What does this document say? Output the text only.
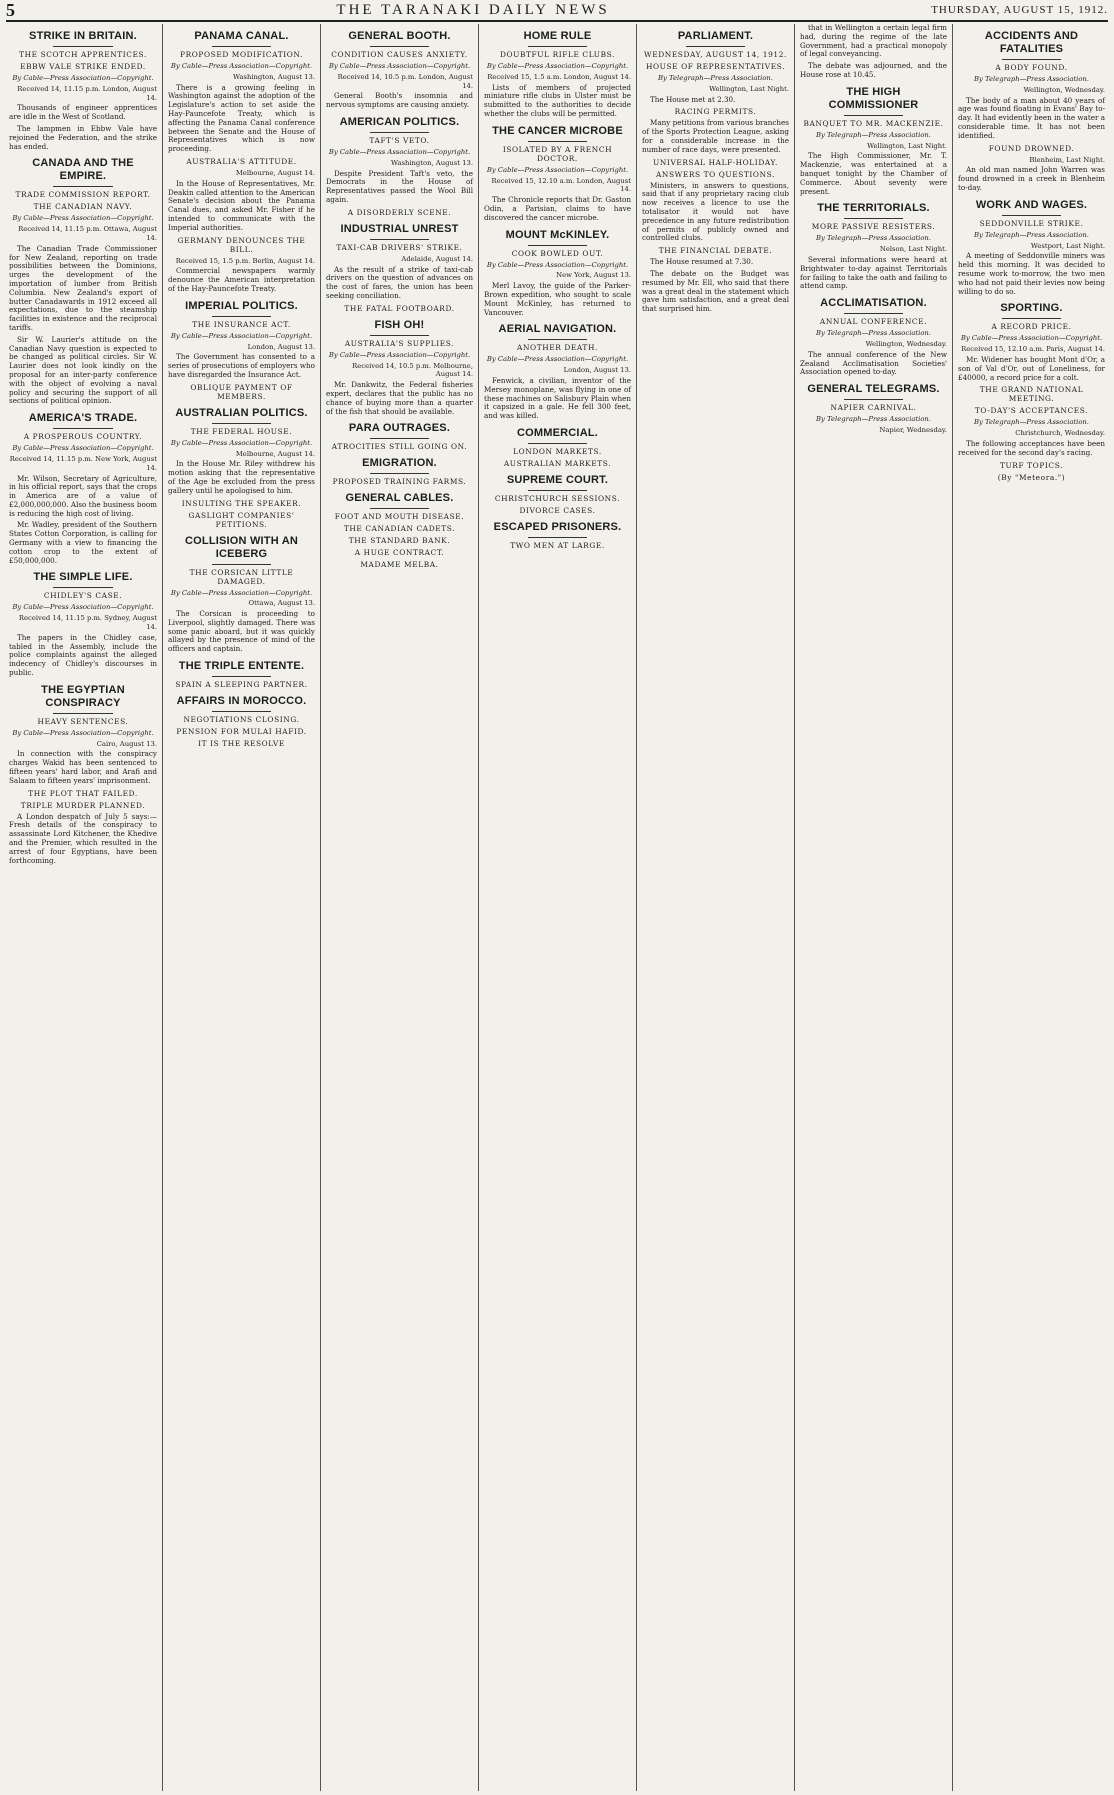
5	THE TARANAKI DAILY NEWS	THURSDAY, AUGUST 15, 1912.
STRIKE IN BRITAIN.
THE SCOTCH APPRENTICES.
EBBW VALE STRIKE ENDED.
By Cable—Press Association—Copyright.
Received 14, 11.15 p.m. London, August 14.

Thousands of engineer apprentices are idle in the West of Scotland.

The lampmen in Ebbw Vale have rejoined the Federation, and the strike has ended.

CANADA AND THE EMPIRE.
TRADE COMMISSION REPORT.
THE CANADIAN NAVY.
By Cable—Press Association—Copyright.
Received 14, 11.15 p.m. Ottawa, August 14.

The Canadian Trade Commissioner for New Zealand, reporting on trade possibilities between the Dominions, urges the development of the importation of lumber from British Columbia. New Zealand's export of butter Canadawards in 1912 exceed all expectations, due to the steamship facilities in existence and the reciprocal tariffs.

Sir W. Laurier's attitude on the Canadian Navy question is expected to be changed as political circles. Sir W. Laurier does not look kindly on the proposal for an inter-party conference with the object of evolving a naval policy and securing the support of all sections of political opinion.

AMERICA'S TRADE.
A PROSPEROUS COUNTRY.
By Cable—Press Association—Copyright.
Received 14, 11.15 p.m. New York, August 14.

Mr. Wilson, Secretary of Agriculture, in his official report, says that the crops in America are of a value of £2,000,000,000. Also the business boom is reducing the high cost of living.

Mr. Wadley, president of the Southern States Cotton Corporation, is calling for Germany with a view to financing the cotton crop to the extent of £50,000,000.

THE SIMPLE LIFE.
CHIDLEY'S CASE.
By Cable—Press Association—Copyright.
Received 14, 11.15 p.m. Sydney, August 14.

The papers in the Chidley case, tabled in the Assembly, include the police complaints against the alleged indecency of Chidley's discourses in public.

THE EGYPTIAN CONSPIRACY
HEAVY SENTENCES.
By Cable—Press Association—Copyright.
Cairo, August 13.

In connection with the conspiracy charges Wakid has been sentenced to fifteen years' hard labor, and Arafi and Salaam to fifteen years' imprisonment.

THE PLOT THAT FAILED.
TRIPLE MURDER PLANNED.

A London despatch of July 5 says:—Fresh details of the conspiracy to assassinate Lord Kitchener, the Khedive and the Premier, which resulted in the arrest of four Egyptians, have been forthcoming.

PANAMA CANAL.
PROPOSED MODIFICATION.
By Cable—Press Association—Copyright.
Washington, August 13.

There is a growing feeling in Washington against the adoption of the Legislature's action to set aside the Hay-Pauncefote Treaty, which is affecting the Panama Canal conference between the Senate and the House of Representatives which is now proceeding.

AUSTRALIA'S ATTITUDE.
Melbourne, August 14.

In the House of Representatives, Mr. Deakin called attention to the American Senate's decision about the Panama Canal dues, and asked Mr. Fisher if he intended to communicate with the Imperial authorities.

GERMANY DENOUNCES THE BILL.
Received 15, 1.5 p.m. Berlin, August 14.

Commercial newspapers warmly denounce the American interpretation of the Hay-Pauncefote Treaty.

IMPERIAL POLITICS.
THE INSURANCE ACT.
By Cable—Press Association—Copyright.
London, August 13.

The Government has consented to a series of prosecutions of employers who have disregarded the Insurance Act.

OBLIQUE PAYMENT OF MEMBERS.
AUSTRALIAN POLITICS.
THE FEDERAL HOUSE.
By Cable—Press Association—Copyright.
Melbourne, August 14.

In the House Mr. Riley withdrew his motion asking that the representative of the Age be excluded from the press gallery until he apologised to him.

INSULTING THE SPEAKER.
GASLIGHT COMPANIES' PETITIONS.
COLLISION WITH AN ICEBERG
THE CORSICAN LITTLE DAMAGED.
By Cable—Press Association—Copyright.
Ottawa, August 13.

The Corsican is proceeding to Liverpool, slightly damaged. There was some panic aboard, but it was quickly allayed by the presence of mind of the officers and captain.

THE TRIPLE ENTENTE.
SPAIN A SLEEPING PARTNER.
AFFAIRS IN MOROCCO.
NEGOTIATIONS CLOSING.
PENSION FOR MULAI HAFID.
IT IS THE RESOLVE
GENERAL BOOTH.
CONDITION CAUSES ANXIETY.
By Cable—Press Association—Copyright.
Received 14, 10.5 p.m. London, August 14.

General Booth's insomnia and nervous symptoms are causing anxiety.

AMERICAN POLITICS.
TAFT'S VETO.
By Cable—Press Association—Copyright.
Washington, August 13.

Despite President Taft's veto, the Democrats in the House of Representatives passed the Wool Bill again.

A DISORDERLY SCENE.
INDUSTRIAL UNREST
TAXI-CAB DRIVERS' STRIKE.
Adelaide, August 14.

As the result of a strike of taxi-cab drivers on the question of advances on the cost of fares, the union has been seeking conciliation.

THE FATAL FOOTBOARD.
FISH OH!
AUSTRALIA'S SUPPLIES.
By Cable—Press Association—Copyright.
Received 14, 10.5 p.m. Melbourne, August 14.

Mr. Dankwitz, the Federal fisheries expert, declares that the public has no chance of buying more than a quarter of the fish that should be available.

PARA OUTRAGES.
ATROCITIES STILL GOING ON.
EMIGRATION.
PROPOSED TRAINING FARMS.
GENERAL CABLES.
FOOT AND MOUTH DISEASE.
THE CANADIAN CADETS.
THE STANDARD BANK.
A HUGE CONTRACT.
MADAME MELBA.
HOME RULE
DOUBTFUL RIFLE CLUBS.
By Cable—Press Association—Copyright.
Received 15, 1.5 a.m. London, August 14.

Lists of members of projected miniature rifle clubs in Ulster must be submitted to the authorities to decide whether the clubs will be permitted.

THE CANCER MICROBE
ISOLATED BY A FRENCH DOCTOR.
By Cable—Press Association—Copyright.
Received 15, 12.10 a.m. London, August 14.

The Chronicle reports that Dr. Gaston Odin, a Parisian, claims to have discovered the cancer microbe.

MOUNT McKINLEY.
COOK BOWLED OUT.
By Cable—Press Association—Copyright.
New York, August 13.

Merl Lavoy, the guide of the Parker-Brown expedition, who sought to scale Mount McKinley, has returned to Vancouver.

AERIAL NAVIGATION.
ANOTHER DEATH.
By Cable—Press Association—Copyright.
London, August 13.

Fenwick, a civilian, inventor of the Mersey monoplane, was flying in one of these machines on Salisbury Plain when it capsized in a gale. He fell 300 feet, and was killed.

COMMERCIAL.
LONDON MARKETS.
AUSTRALIAN MARKETS.
SUPREME COURT.
CHRISTCHURCH SESSIONS.
DIVORCE CASES.
ESCAPED PRISONERS.
TWO MEN AT LARGE.
PARLIAMENT.
WEDNESDAY, AUGUST 14, 1912.
HOUSE OF REPRESENTATIVES.
By Telegraph—Press Association.
Wellington, Last Night.

The House met at 2.30.

RACING PERMITS.

Many petitions from various branches of the Sports Protection League, asking for a considerable increase in the number of race days, were presented.

UNIVERSAL HALF-HOLIDAY.
ANSWERS TO QUESTIONS.

Ministers, in answers to questions, said that if any proprietary racing club now receives a licence to use the totalisator it would not have precedence in any future redistribution of permits of publicly owned and controlled clubs.

THE FINANCIAL DEBATE.

The House resumed at 7.30.

The debate on the Budget was resumed by Mr. Ell, who said that there was a great deal in the statement which gave him satisfaction, and a great deal that surprised him.

that in Wellington a certain legal firm had, during the regime of the late Government, had a practical monopoly of legal conveyancing.

The debate was adjourned, and the House rose at 10.45.

THE HIGH COMMISSIONER
BANQUET TO MR. MACKENZIE.
By Telegraph—Press Association.
Wellington, Last Night.

The High Commissioner, Mr. T. Mackenzie, was entertained at a banquet tonight by the Chamber of Commerce. About seventy were present.

THE TERRITORIALS.
MORE PASSIVE RESISTERS.
By Telegraph—Press Association.
Nelson, Last Night.

Several informations were heard at Brightwater to-day against Territorials for failing to take the oath and failing to attend camp.

ACCLIMATISATION.
ANNUAL CONFERENCE.
By Telegraph—Press Association.
Wellington, Wednesday.

The annual conference of the New Zealand Acclimatisation Societies' Association opened to-day.

GENERAL TELEGRAMS.
NAPIER CARNIVAL.
By Telegraph—Press Association.
Napier, Wednesday.
ACCIDENTS AND FATALITIES
A BODY FOUND.
By Telegraph—Press Association.
Wellington, Wednesday.

The body of a man about 40 years of age was found floating in Evans' Bay to-day. It had evidently been in the water a considerable time. It has not been identified.

FOUND DROWNED.
Blenheim, Last Night.

An old man named John Warren was found drowned in a creek in Blenheim to-day.

WORK AND WAGES.
SEDDONVILLE STRIKE.
By Telegraph—Press Association.
Westport, Last Night.

A meeting of Seddonville miners was held this morning. It was decided to resume work to-morrow, the two men who had not paid their levies now being willing to do so.

SPORTING.
A RECORD PRICE.
By Cable—Press Association—Copyright.
Received 15, 12.10 a.m. Paris, August 14.

Mr. Widener has bought Mont d'Or, a son of Val d'Or, out of Loneliness, for £40000, a record price for a colt.

THE GRAND NATIONAL MEETING.
TO-DAY'S ACCEPTANCES.
By Telegraph—Press Association.
Christchurch, Wednesday.

The following acceptances have been received for the second day's racing.

TURF TOPICS.
(By "Meteora.")
